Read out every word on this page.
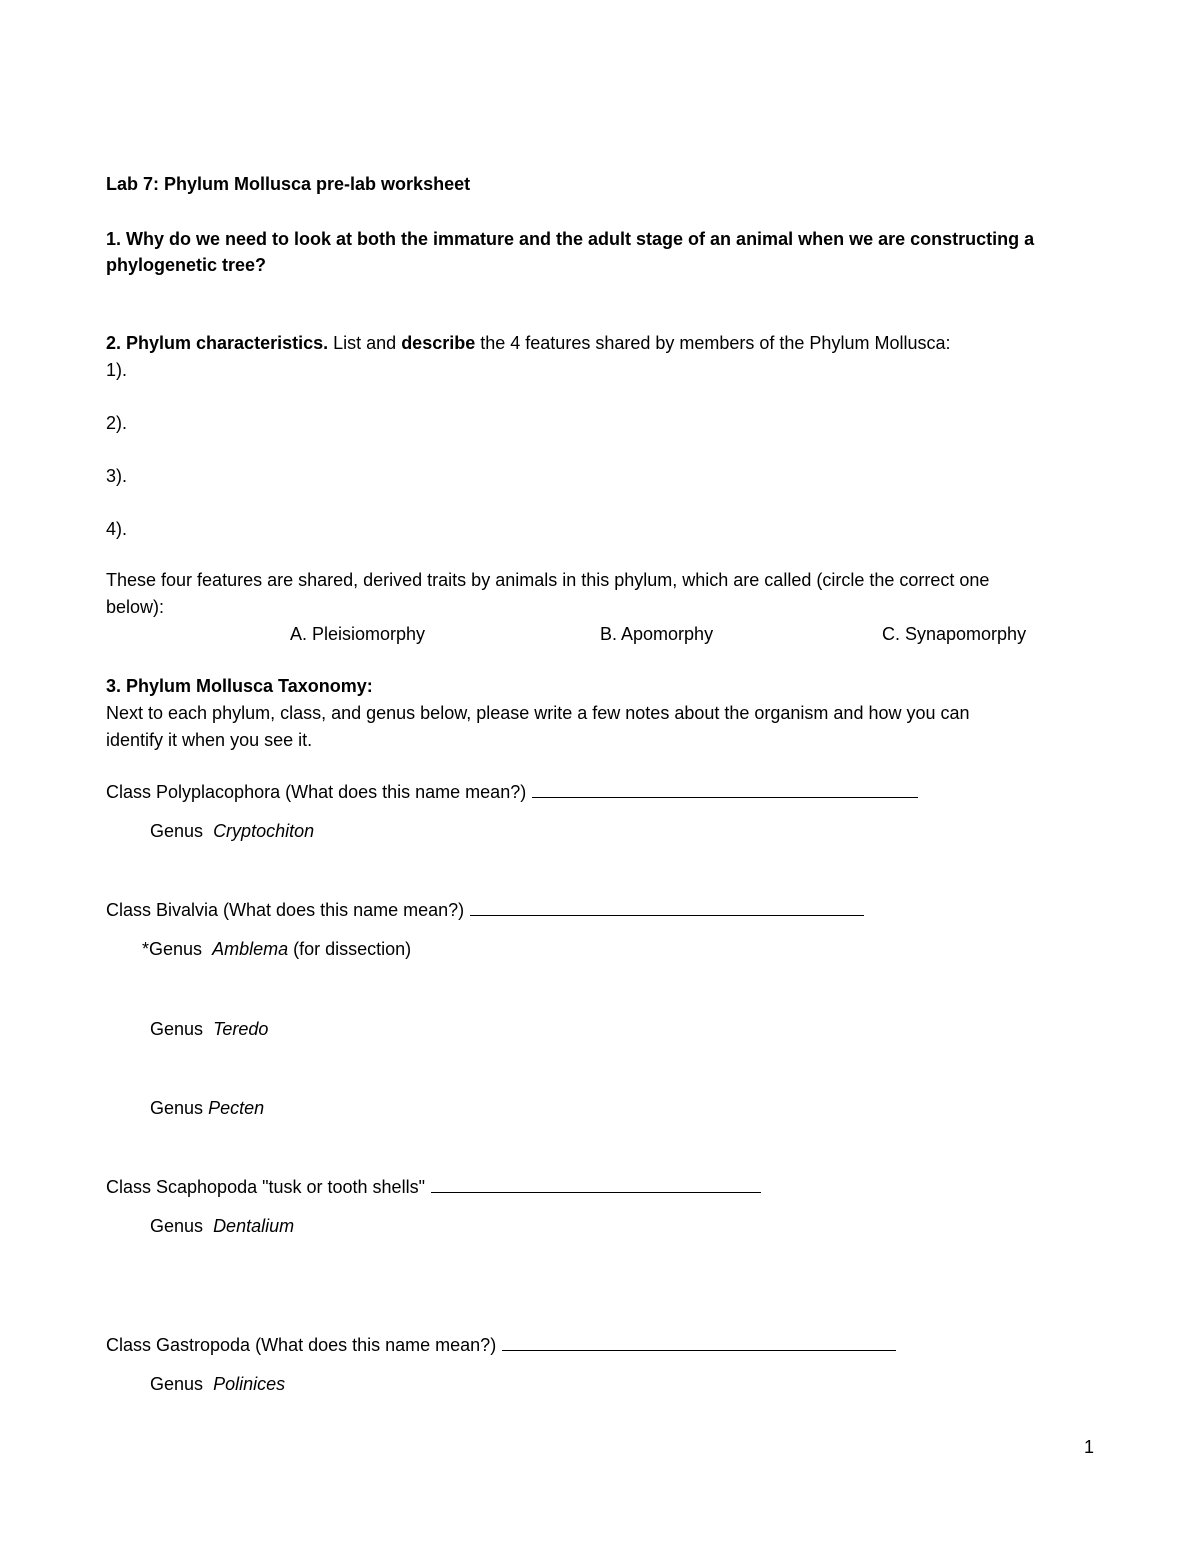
Lab 7: Phylum Mollusca pre-lab worksheet
1. Why do we need to look at both the immature and the adult stage of an animal when we are constructing a
phylogenetic tree?
2. Phylum characteristics. List and describe the 4 features shared by members of the Phylum Mollusca:
1).
2).
3).
4).
These four features are shared, derived traits by animals in this phylum, which are called (circle the correct one
below):
A. Pleisiomorphy	B. Apomorphy	C. Synapomorphy
3. Phylum Mollusca Taxonomy:
Next to each phylum, class, and genus below, please write a few notes about the organism and how you can
identify it when you see it.
Class Polyplacophora (What does this name mean?)
Genus Cryptochiton
Class Bivalvia (What does this name mean?)
*Genus Amblema (for dissection)
Genus Teredo
Genus Pecten
Class Scaphopoda "tusk or tooth shells"
Genus Dentalium
Class Gastropoda (What does this name mean?)
Genus Polinices
1
